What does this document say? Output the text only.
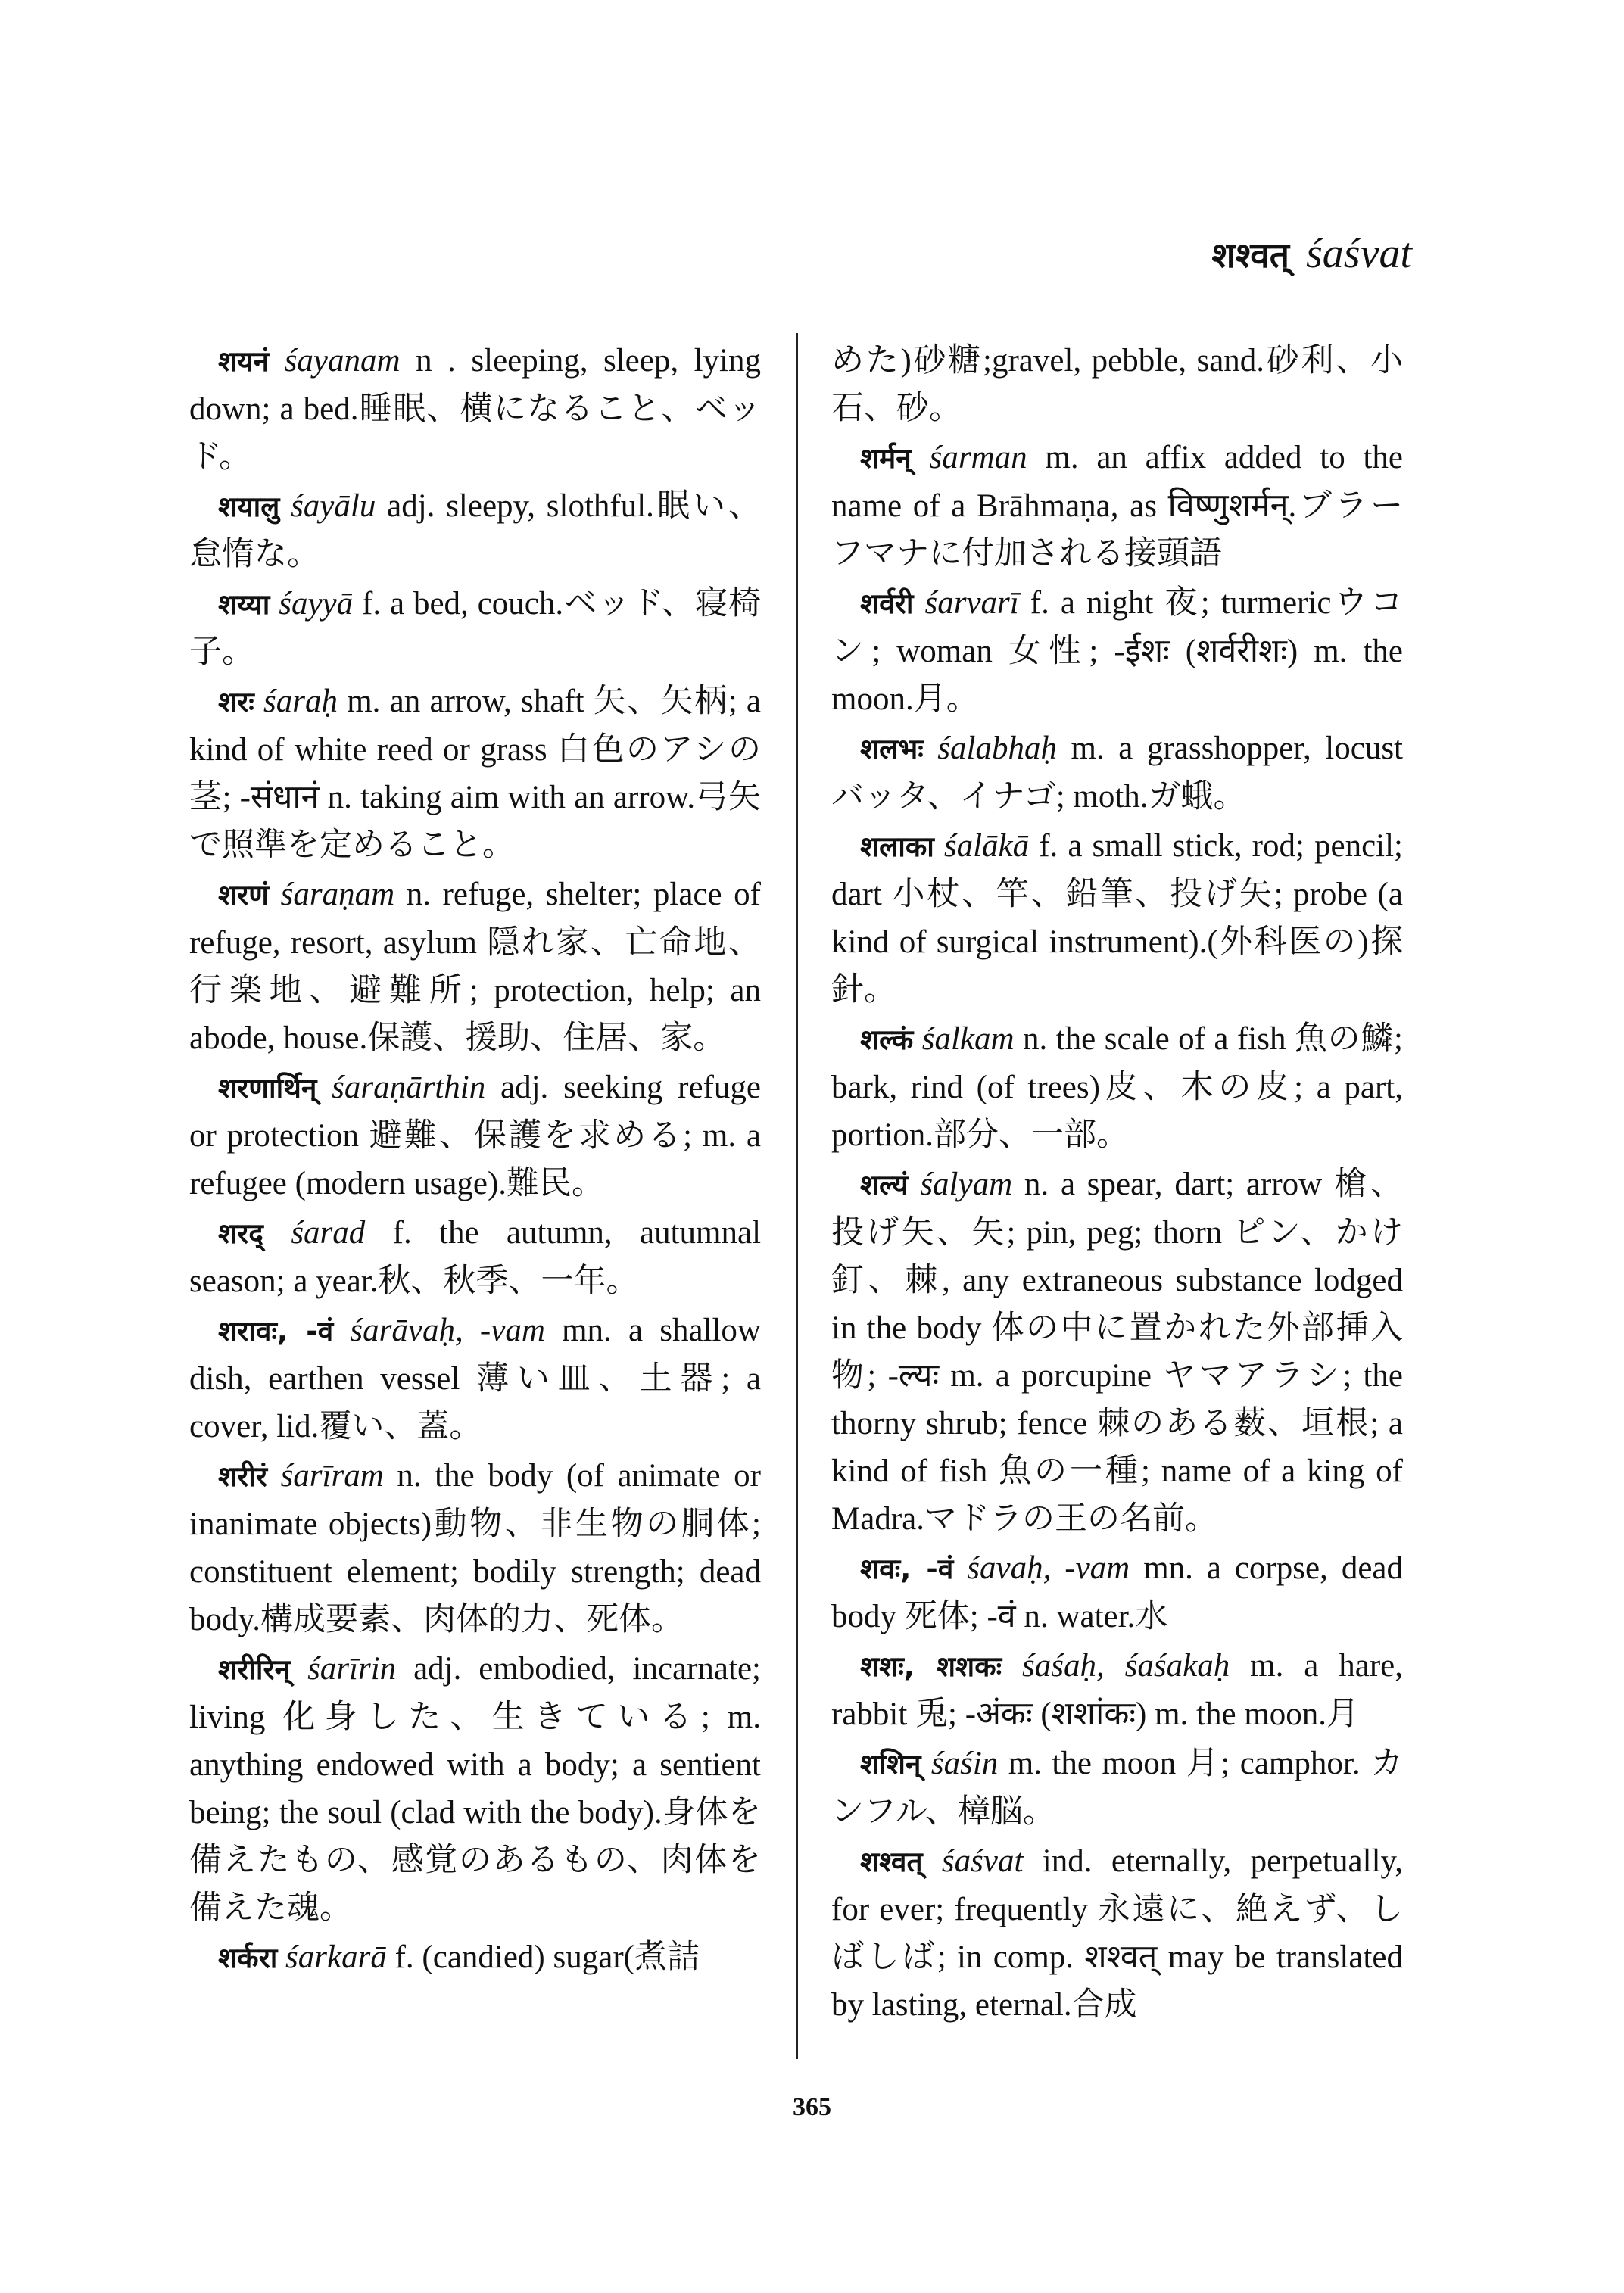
शश्वत् śaśvat

शयनं śayanam n . sleeping, sleep, lying down; a bed.睡眠、横になること、ベッド。

शयालु śayālu adj. sleepy, slothful.眠い、怠惰な。

शय्या śayyā f. a bed, couch.ベッド、寝椅子。

शरः śaraḥ m. an arrow, shaft 矢、矢柄; a kind of white reed or grass 白色のアシの茎; -संधानं n. taking aim with an arrow.弓矢で照準を定めること。

शरणं śaraṇam n. refuge, shelter; place of refuge, resort, asylum 隠れ家、亡命地、行楽地、避難所; protection, help; an abode, house.保護、援助、住居、家。

शरणार्थिन् śaraṇārthin adj. seeking refuge or protection 避難、保護を求める; m. a refugee (modern usage).難民。

शरद् śarad f. the autumn, autumnal season; a year.秋、秋季、一年。

शरावः, -वं śarāvaḥ, -vam mn. a shallow dish, earthen vessel 薄い皿、土器; a cover, lid.覆い、蓋。

शरीरं śarīram n. the body (of animate or inanimate objects)動物、非生物の胴体; constituent element; bodily strength; dead body.構成要素、肉体的力、死体。

शरीरिन् śarīrin adj. embodied, incarnate; living 化身した、生きている; m. anything endowed with a body; a sentient being; the soul (clad with the body).身体を備えたもの、感覚のあるもの、肉体を備えた魂。

शर्करा śarkarā f. (candied) sugar(煮詰

めた)砂糖;gravel, pebble, sand.砂利、小石、砂。

शर्मन् śarman m. an affix added to the name of a Brāhmaṇa, as विष्णुशर्मन्.ブラーフマナに付加される接頭語

शर्वरी śarvarī f. a night 夜; turmericウコン; woman 女性; -ईशः (शर्वरीशः) m. the moon.月。

शलभः śalabhaḥ m. a grasshopper, locust バッタ、イナゴ; moth.ガ蛾。

शलाका śalākā f. a small stick, rod; pencil; dart 小杖、竿、鉛筆、投げ矢; probe (a kind of surgical instrument).(外科医の)探針。

शल्कं śalkam n. the scale of a fish 魚の鱗; bark, rind (of trees)皮、木の皮; a part, portion.部分、一部。

शल्यं śalyam n. a spear, dart; arrow 槍、投げ矢、矢; pin, peg; thorn ピン、かけ釘、棘, any extraneous substance lodged in the body 体の中に置かれた外部挿入物; -ल्यः m. a porcupine ヤマアラシ; the thorny shrub; fence 棘のある薮、垣根; a kind of fish 魚の一種; name of a king of Madra.マドラの王の名前。

शवः, -वं śavaḥ, -vam mn. a corpse, dead body 死体; -वं n. water.水

शशः, शशकः śaśaḥ, śaśakaḥ m. a hare, rabbit 兎; -अंकः (शशांकः) m. the moon.月

शशिन् śaśin m. the moon 月; camphor. カンフル、樟脳。

शश्वत् śaśvat ind. eternally, perpetually, for ever; frequently 永遠に、絶えず、しばしば; in comp. शश्वत् may be translated by lasting, eternal.合成

365
